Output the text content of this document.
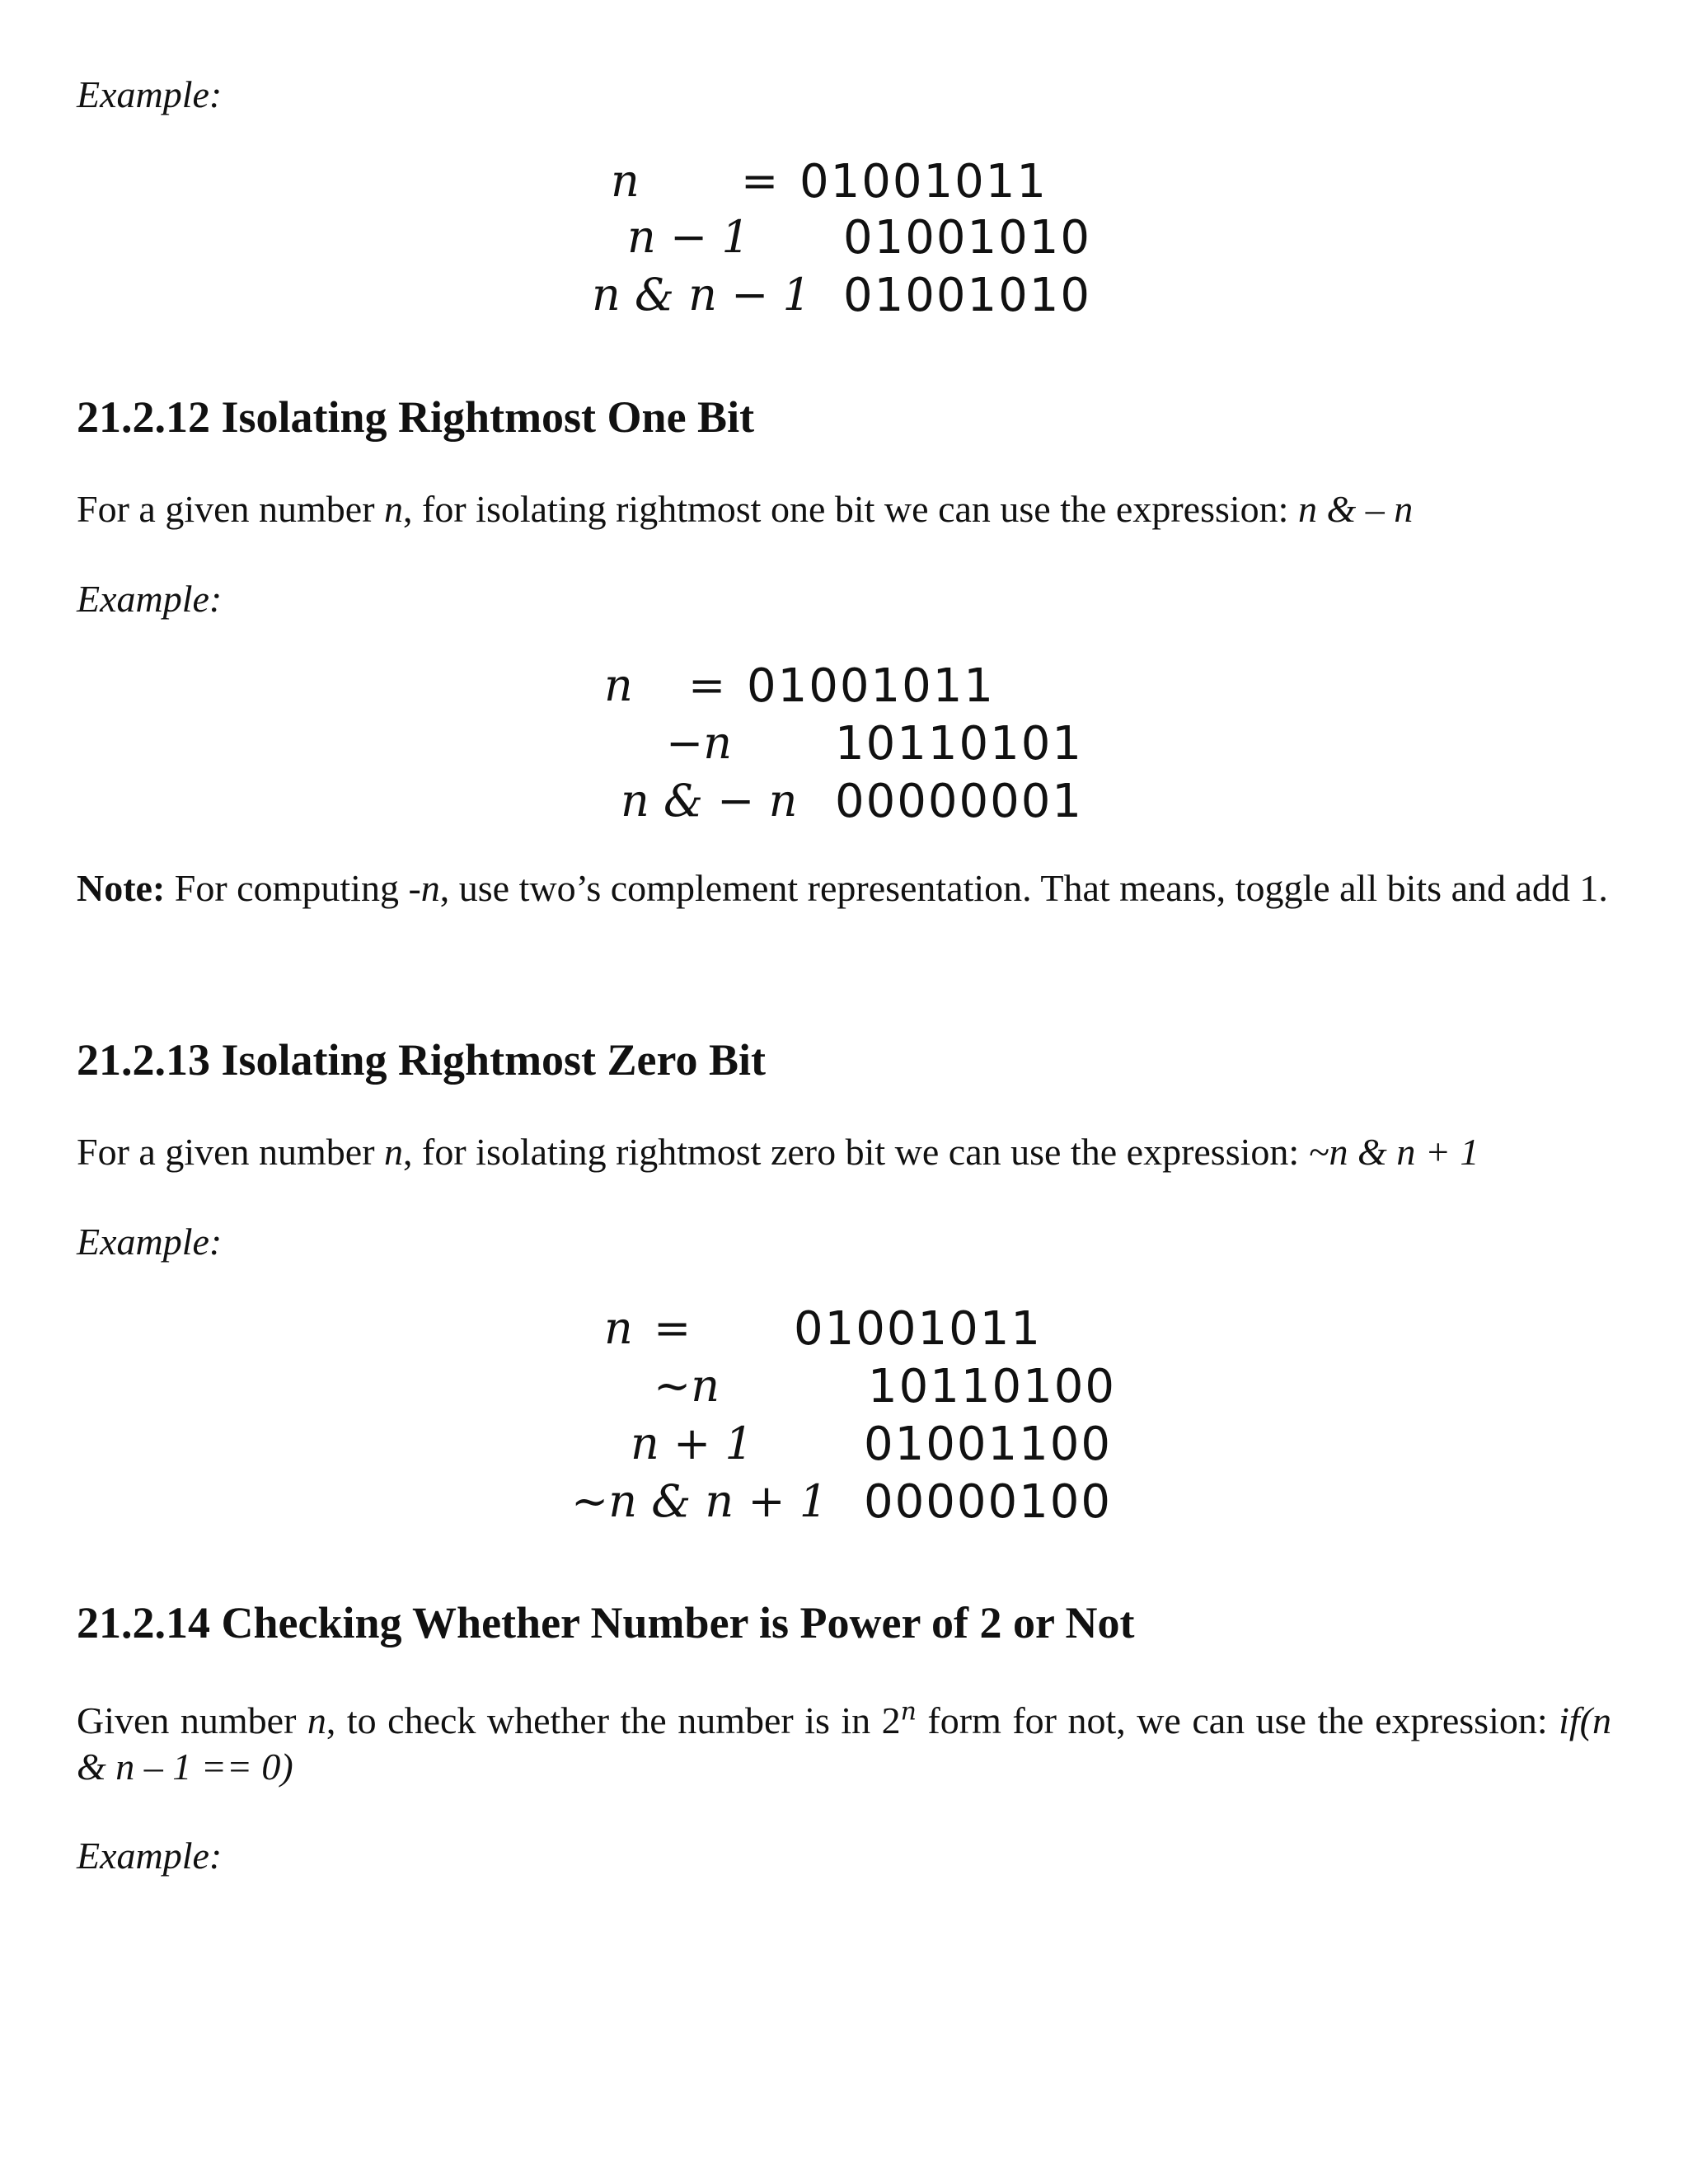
Example:

n = 01001011
n − 1 01001010
n & n − 1 01001010
21.2.12 Isolating Rightmost One Bit

For a given number n, for isolating rightmost one bit we can use the expression: n & – n

Example:

n = 01001011
−n 10110101
n & − n 00000001

Note: For computing -n, use two’s complement representation. That means, toggle all bits and add 1.

21.2.13 Isolating Rightmost Zero Bit

For a given number n, for isolating rightmost zero bit we can use the expression: ~n & n + 1

Example:

n = 01001011
~n	10110100
n + 1 01001100
~n & n + 1 00000100
21.2.14 Checking Whether Number is Power of 2 or Not

Given number n, to check whether the number is in 2$^n$ form for not, we can use the expression: if(n & n – 1 == 0)

Example:
